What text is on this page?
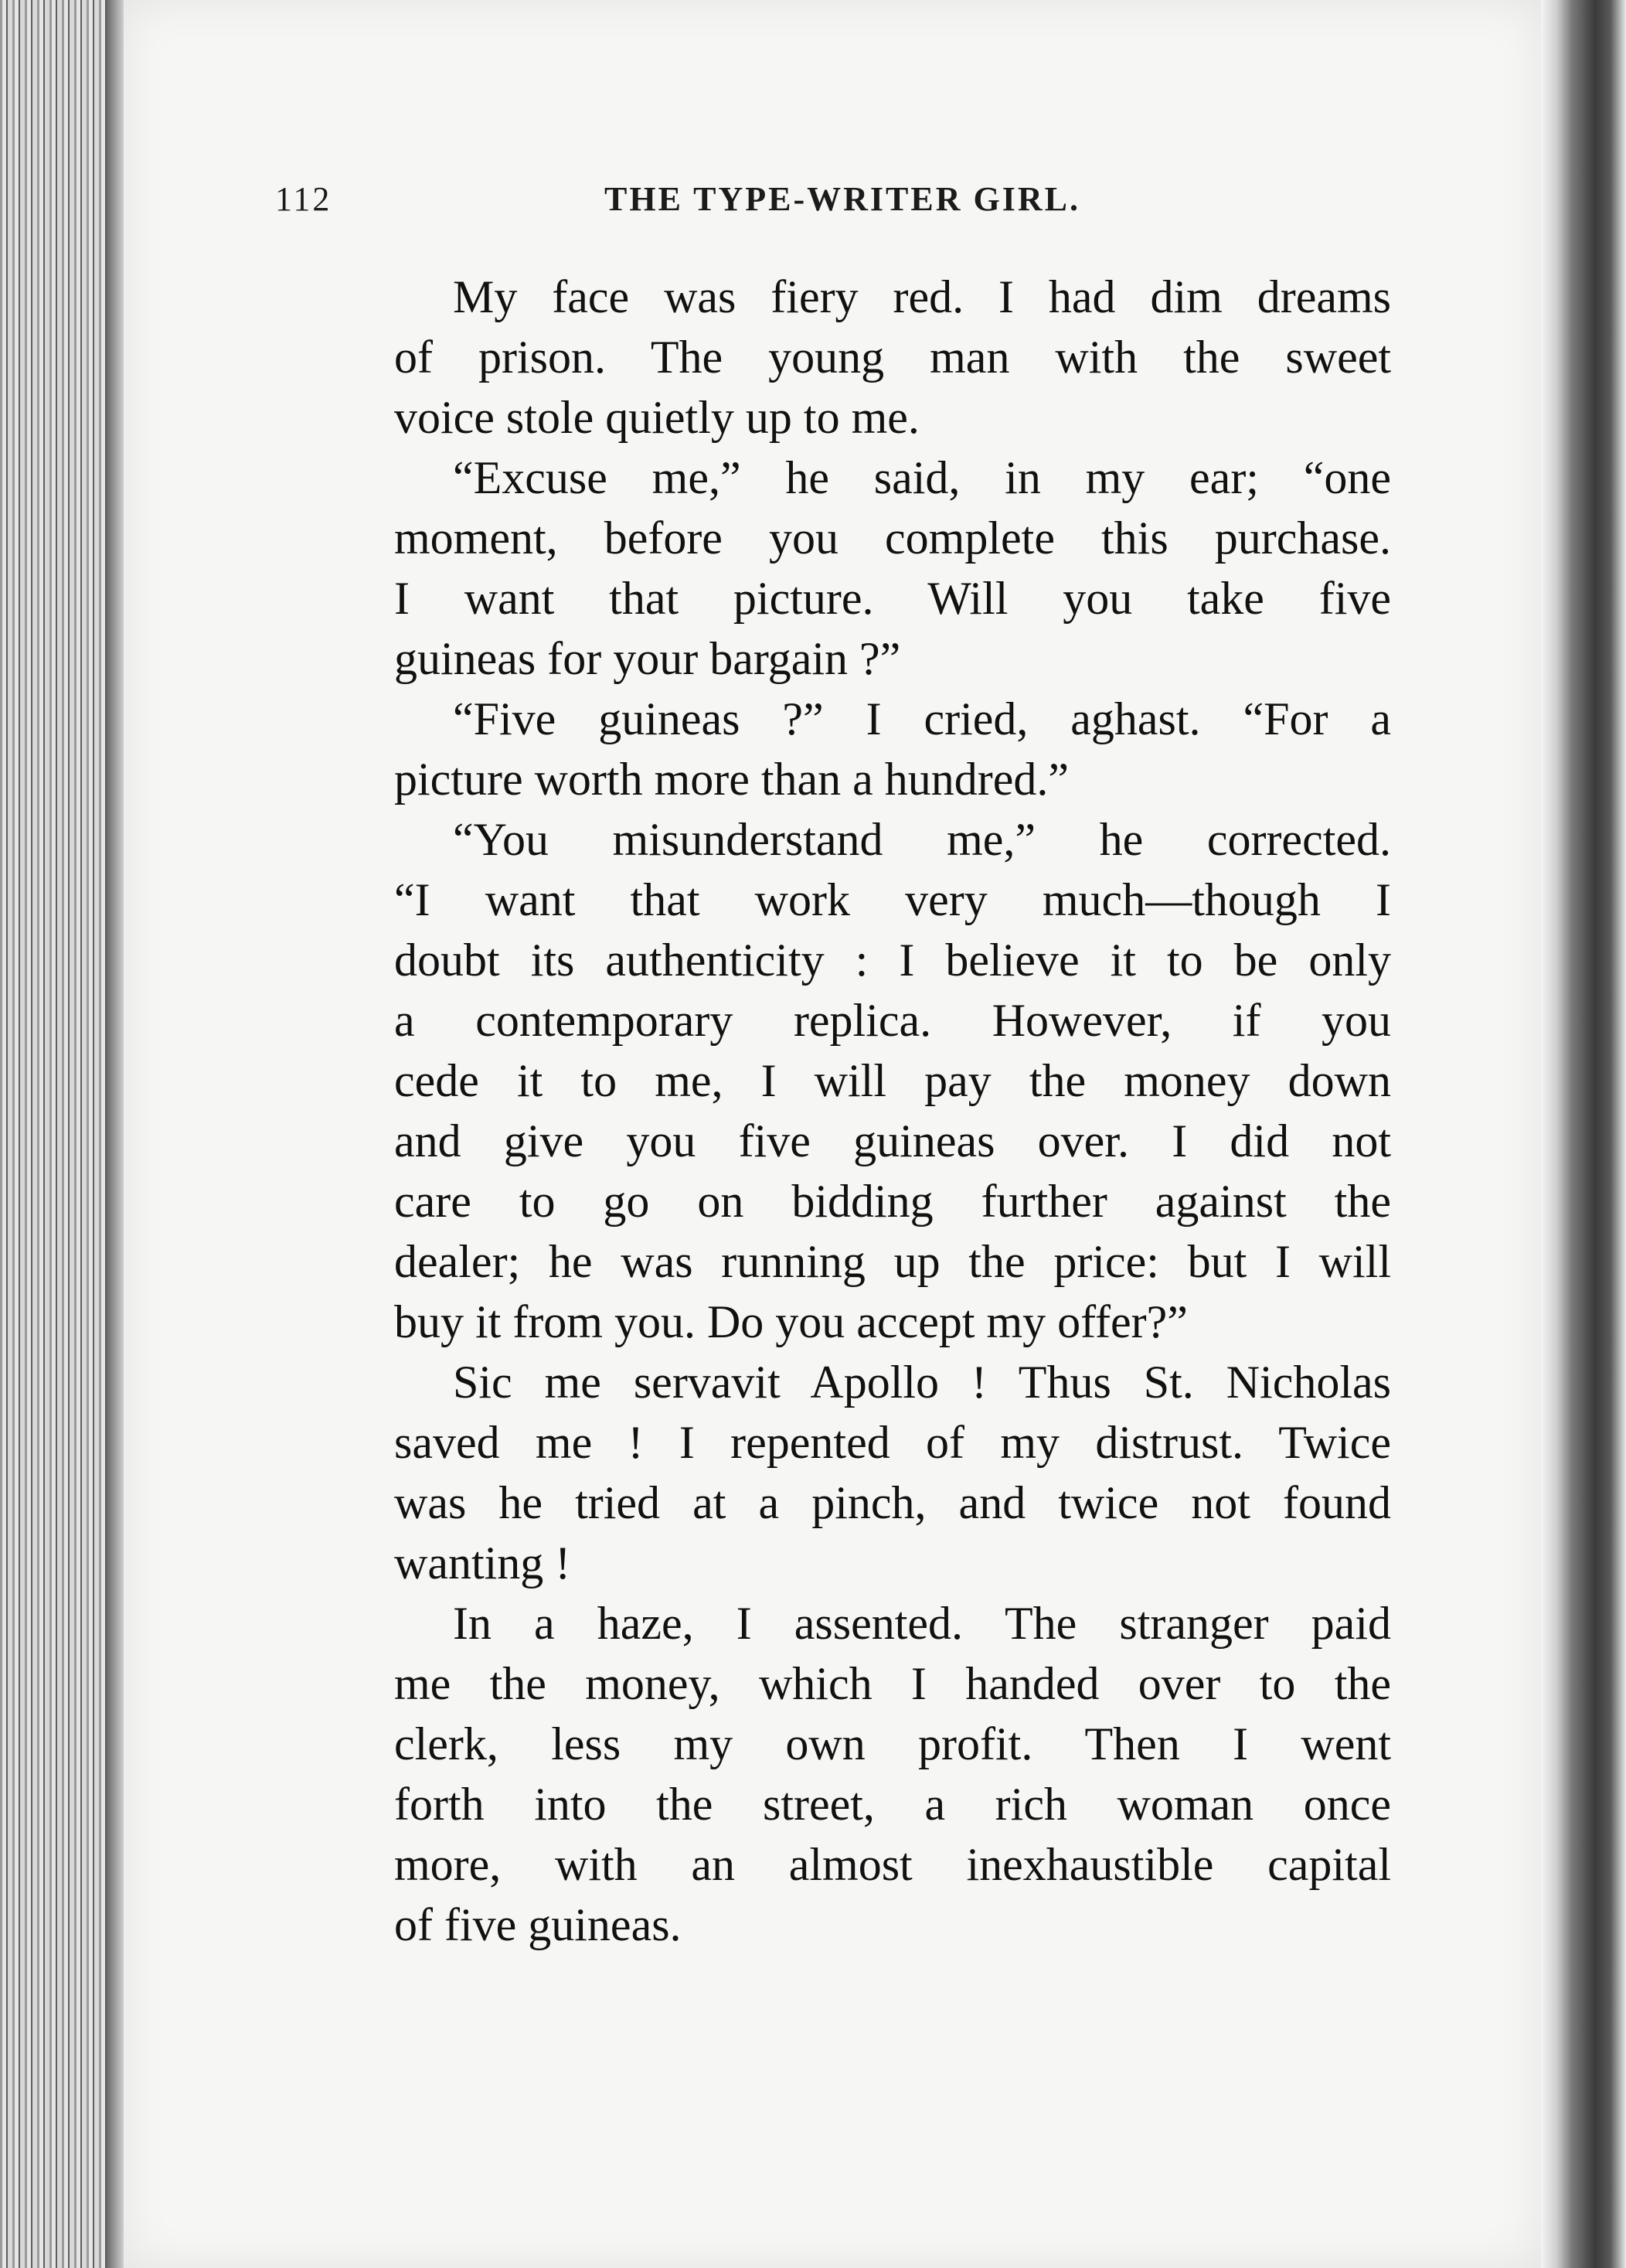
112	THE TYPE-WRITER GIRL.
My face was fiery red. I had dim dreams
of prison. The young man with the sweet
voice stole quietly up to me.
“Excuse me,” he said, in my ear; “one
moment, before you complete this purchase.
I want that picture. Will you take five
guineas for your bargain ?”
“Five guineas ?” I cried, aghast. “For a
picture worth more than a hundred.”
“You misunderstand me,” he corrected.
“I want that work very much—though I
doubt its authenticity : I believe it to be only
a contemporary replica. However, if you
cede it to me, I will pay the money down
and give you five guineas over. I did not
care to go on bidding further against the
dealer; he was running up the price: but I will
buy it from you. Do you accept my offer?”
Sic me servavit Apollo ! Thus St. Nicholas
saved me ! I repented of my distrust. Twice
was he tried at a pinch, and twice not found
wanting !
In a haze, I assented. The stranger paid
me the money, which I handed over to the
clerk, less my own profit. Then I went
forth into the street, a rich woman once
more, with an almost inexhaustible capital
of five guineas.
